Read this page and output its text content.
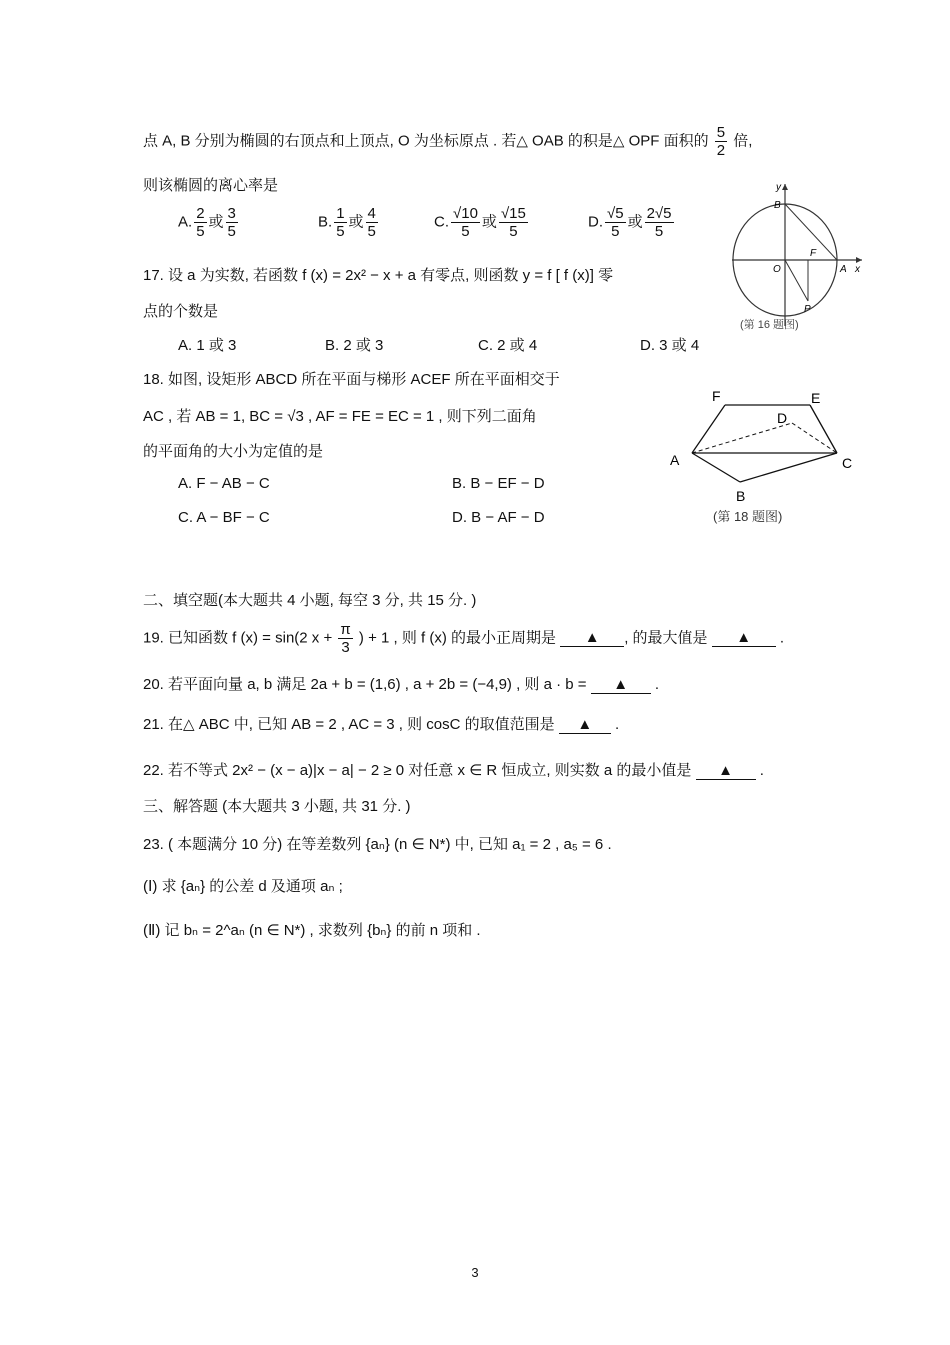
点 A, B 分别为椭圆的右顶点和上顶点, O 为坐标原点 . 若△ OAB 的积是△ OPF 面积的 $\frac{5}{2}$ 倍,
则该椭圆的离心率是
A. $\frac{2}{5}$ 或 $\frac{3}{5}$	B. $\frac{1}{5}$ 或 $\frac{4}{5}$	C. $\frac{√10}{5}$ 或 $\frac{√15}{5}$	D. $\frac{√5}{5}$ 或 $\frac{2√5}{5}$
y
x
B
O
F
A
P
(第 16 题图)
17. 设 a 为实数, 若函数 f (x) = 2x² − x + a 有零点, 则函数 y = f [ f (x)] 零
点的个数是
A. 1 或 3	B. 2 或 3	C. 2 或 4	D. 3 或 4
18. 如图, 设矩形 ABCD 所在平面与梯形 ACEF 所在平面相交于
AC , 若 AB = 1, BC = √3 , AF = FE = EC = 1 , 则下列二面角
的平面角的大小为定值的是
A. F − AB − C	B. B − EF − D
C. A − BF − C	D. B − AF − D
F	E
D
A	C
B
(第 18 题图)
二、填空题(本大题共 4 小题, 每空 3 分, 共 15 分. )
19. 已知函数 f (x) = sin(2 $x + \frac{\pi}{3}$ ) + 1 , 则 f (x) 的最小正周期是 ▲ , 的最大值是 ▲ .
20. 若平面向量 a, b 满足 2a + b = (1,6) , a + 2b = (−4,9) , 则 a · b = ▲ .
21. 在△ ABC 中, 已知 AB = 2 , AC = 3 , 则 cosC 的取值范围是 ▲ .
22. 若不等式 2x² − (x − a)|x − a| − 2 ≥ 0 对任意 x ∈ R 恒成立, 则实数 a 的最小值是 ▲ .
三、解答题 (本大题共 3 小题, 共 31 分. )
23. ( 本题满分 10 分) 在等差数列 {aₙ} (n ∈ N*) 中, 已知 a₁ = 2 , a₅ = 6 .
(Ⅰ) 求 {aₙ} 的公差 d 及通项 aₙ ;
(Ⅱ) 记 bₙ = 2^aₙ (n ∈ N*) , 求数列 {bₙ} 的前 n 项和 .
3
